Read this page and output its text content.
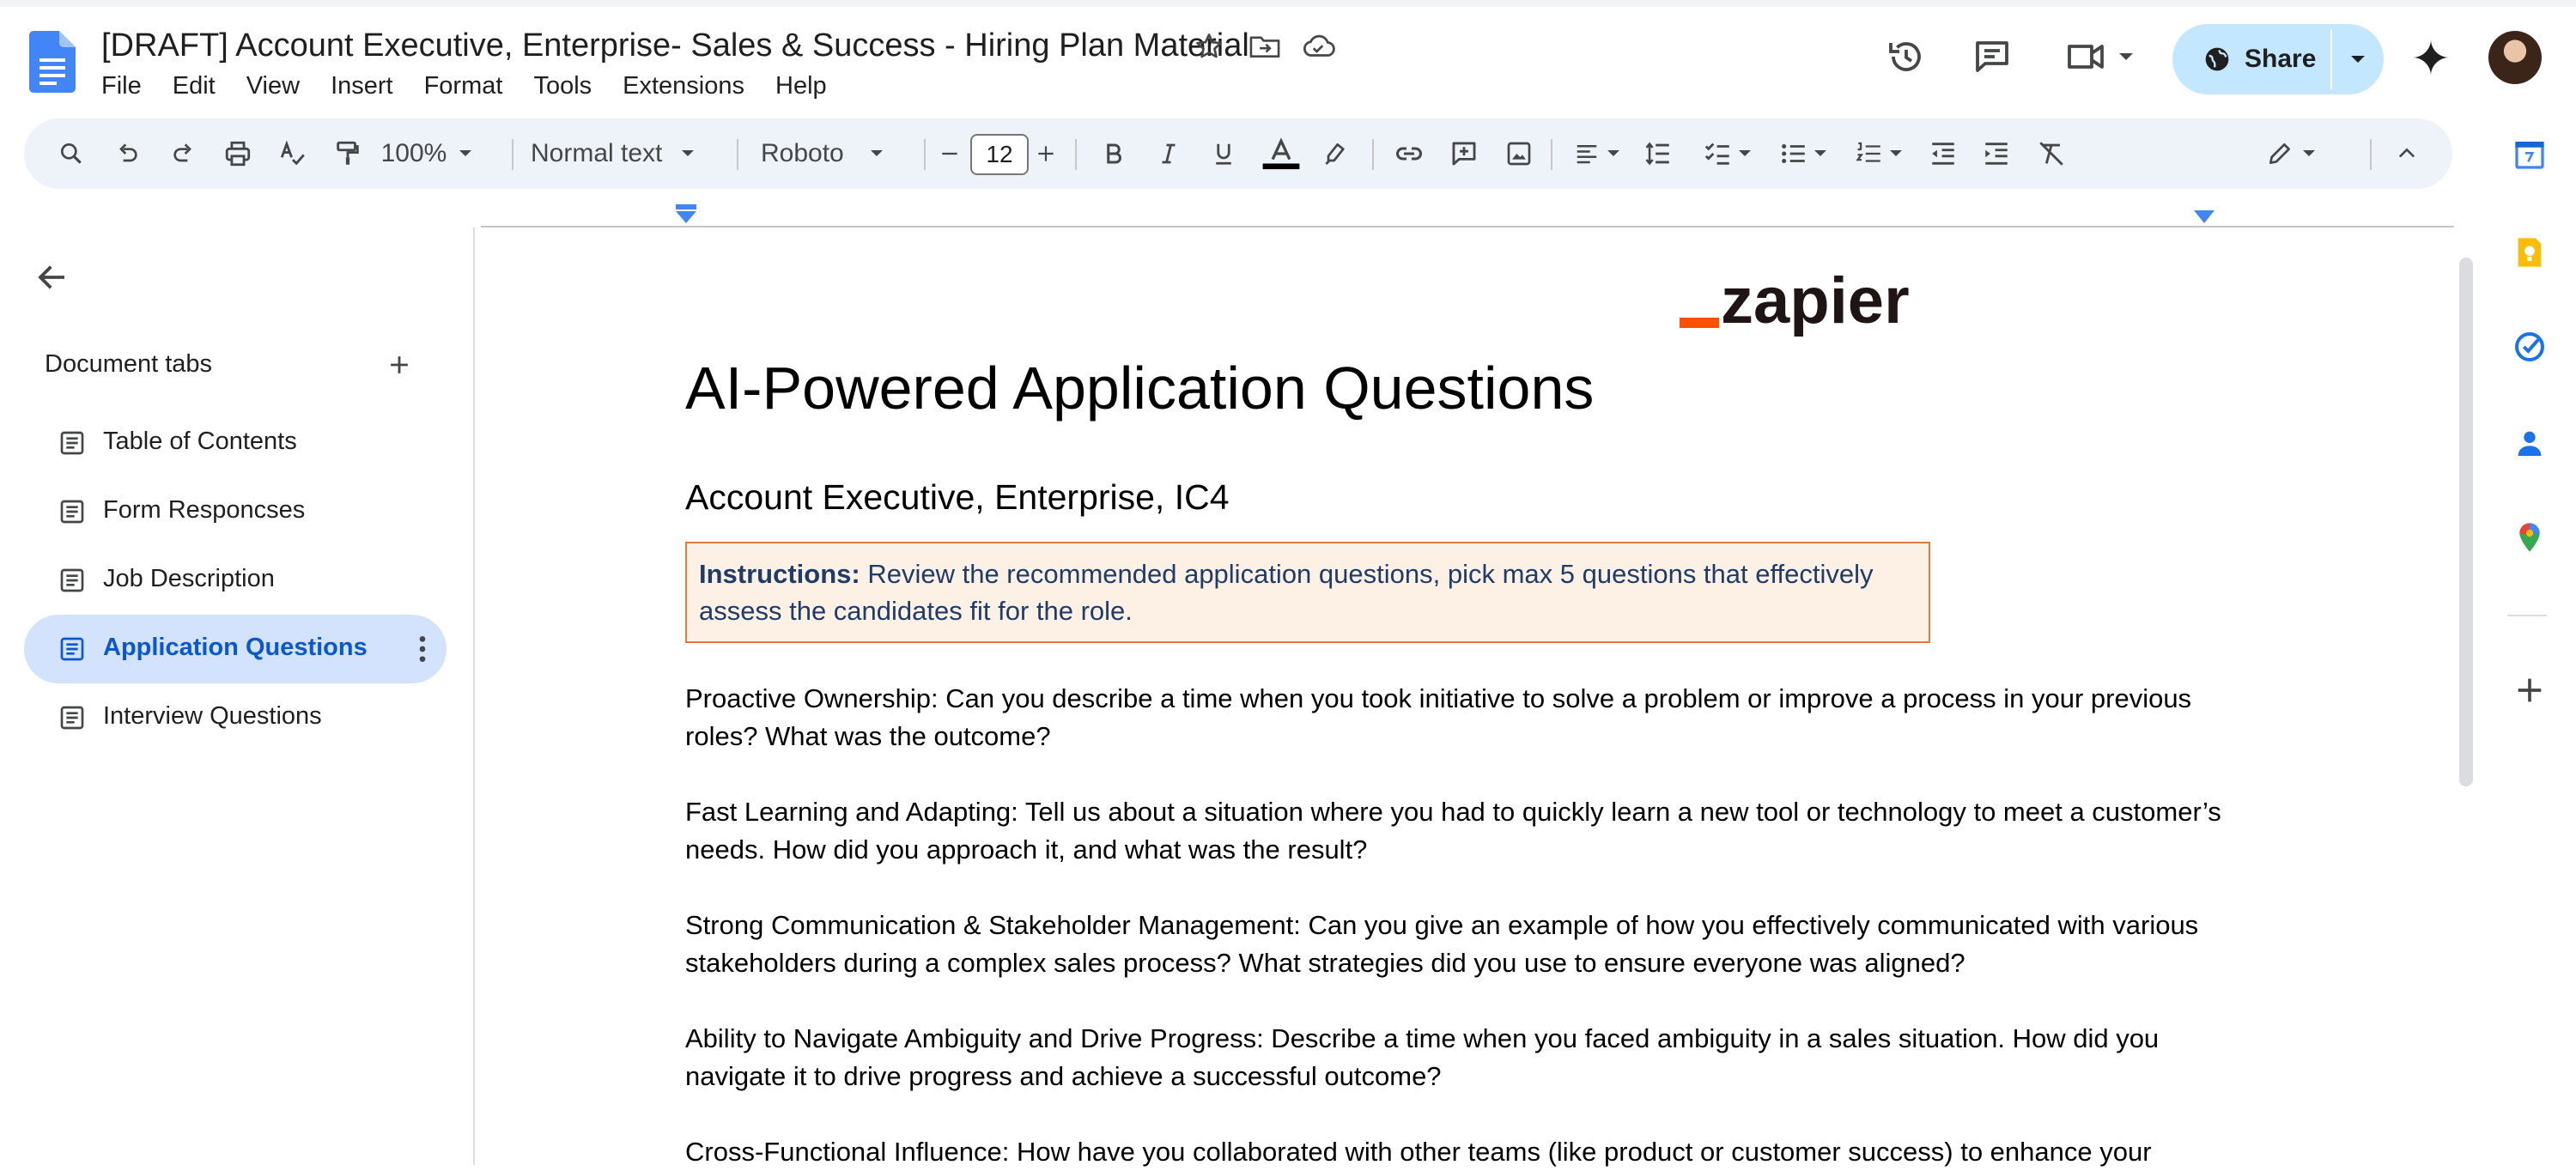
[DRAFT] Account Executive, Enterprise- Sales & Success - Hiring Plan Material
File	Edit	View	Insert	Format	Tools	Extensions	Help
Share
100%	Normal text	Roboto	12
Document tabs
Table of Contents
Form Responcses
Job Description
Application Questions
Interview Questions
zapier
AI-Powered Application Questions
Account Executive, Enterprise, IC4
Instructions: Review the recommended application questions, pick max 5 questions that effectively assess the candidates fit for the role.
Proactive Ownership: Can you describe a time when you took initiative to solve a problem or improve a process in your previous roles? What was the outcome?
Fast Learning and Adapting: Tell us about a situation where you had to quickly learn a new tool or technology to meet a customer’s needs. How did you approach it, and what was the result?
Strong Communication & Stakeholder Management: Can you give an example of how you effectively communicated with various stakeholders during a complex sales process? What strategies did you use to ensure everyone was aligned?
Ability to Navigate Ambiguity and Drive Progress: Describe a time when you faced ambiguity in a sales situation. How did you navigate it to drive progress and achieve a successful outcome?
Cross-Functional Influence: How have you collaborated with other teams (like product or customer success) to enhance your
